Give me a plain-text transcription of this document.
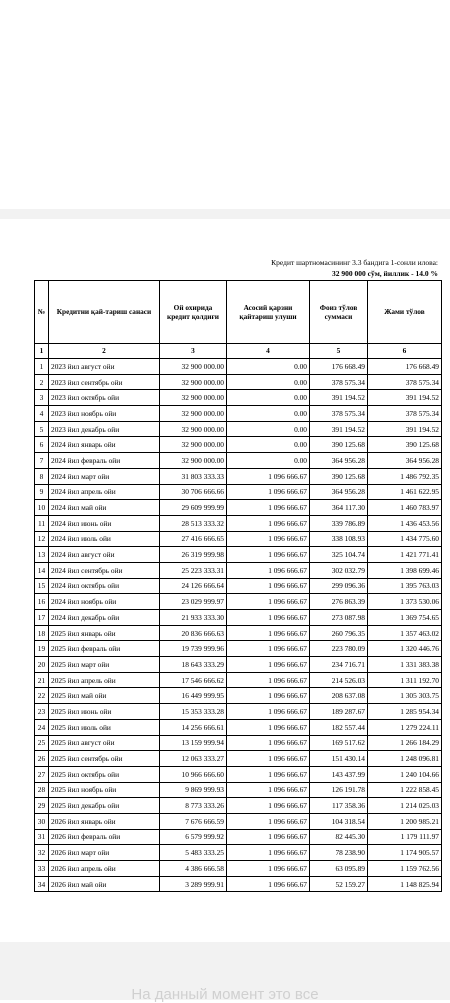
Кредит шартномасининг 3.3 бандига 1-сонли илова:
32 900 000 сўм, йиллик - 14.0 %
№	Кредитни қай-тариш санаси	Ой охирида кредит қолдиғи	Асосий қарзни қайтариш улуши	Фоиз тўлов суммаси	Жами тўлов
1	2	3	4	5	6
1	2023 йил август ойи	32 900 000.00	0.00	176 668.49	176 668.49
2	2023 йил сентябрь ойи	32 900 000.00	0.00	378 575.34	378 575.34
3	2023 йил октябрь ойи	32 900 000.00	0.00	391 194.52	391 194.52
4	2023 йил ноябрь ойи	32 900 000.00	0.00	378 575.34	378 575.34
5	2023 йил декабрь ойи	32 900 000.00	0.00	391 194.52	391 194.52
6	2024 йил январь ойи	32 900 000.00	0.00	390 125.68	390 125.68
7	2024 йил февраль ойи	32 900 000.00	0.00	364 956.28	364 956.28
8	2024 йил март ойи	31 803 333.33	1 096 666.67	390 125.68	1 486 792.35
9	2024 йил апрель ойи	30 706 666.66	1 096 666.67	364 956.28	1 461 622.95
10	2024 йил май ойи	29 609 999.99	1 096 666.67	364 117.30	1 460 783.97
11	2024 йил июнь ойи	28 513 333.32	1 096 666.67	339 786.89	1 436 453.56
12	2024 йил июль ойи	27 416 666.65	1 096 666.67	338 108.93	1 434 775.60
13	2024 йил август ойи	26 319 999.98	1 096 666.67	325 104.74	1 421 771.41
14	2024 йил сентябрь ойи	25 223 333.31	1 096 666.67	302 032.79	1 398 699.46
15	2024 йил октябрь ойи	24 126 666.64	1 096 666.67	299 096.36	1 395 763.03
16	2024 йил ноябрь ойи	23 029 999.97	1 096 666.67	276 863.39	1 373 530.06
17	2024 йил декабрь ойи	21 933 333.30	1 096 666.67	273 087.98	1 369 754.65
18	2025 йил январь ойи	20 836 666.63	1 096 666.67	260 796.35	1 357 463.02
19	2025 йил февраль ойи	19 739 999.96	1 096 666.67	223 780.09	1 320 446.76
20	2025 йил март ойи	18 643 333.29	1 096 666.67	234 716.71	1 331 383.38
21	2025 йил апрель ойи	17 546 666.62	1 096 666.67	214 526.03	1 311 192.70
22	2025 йил май ойи	16 449 999.95	1 096 666.67	208 637.08	1 305 303.75
23	2025 йил июнь ойи	15 353 333.28	1 096 666.67	189 287.67	1 285 954.34
24	2025 йил июль ойи	14 256 666.61	1 096 666.67	182 557.44	1 279 224.11
25	2025 йил август ойи	13 159 999.94	1 096 666.67	169 517.62	1 266 184.29
26	2025 йил сентябрь ойи	12 063 333.27	1 096 666.67	151 430.14	1 248 096.81
27	2025 йил октябрь ойи	10 966 666.60	1 096 666.67	143 437.99	1 240 104.66
28	2025 йил ноябрь ойи	9 869 999.93	1 096 666.67	126 191.78	1 222 858.45
29	2025 йил декабрь ойи	8 773 333.26	1 096 666.67	117 358.36	1 214 025.03
30	2026 йил январь ойи	7 676 666.59	1 096 666.67	104 318.54	1 200 985.21
31	2026 йил февраль ойи	6 579 999.92	1 096 666.67	82 445.30	1 179 111.97
32	2026 йил март ойи	5 483 333.25	1 096 666.67	78 238.90	1 174 905.57
33	2026 йил апрель ойи	4 386 666.58	1 096 666.67	63 095.89	1 159 762.56
34	2026 йил май ойи	3 289 999.91	1 096 666.67	52 159.27	1 148 825.94
На данный момент это все
